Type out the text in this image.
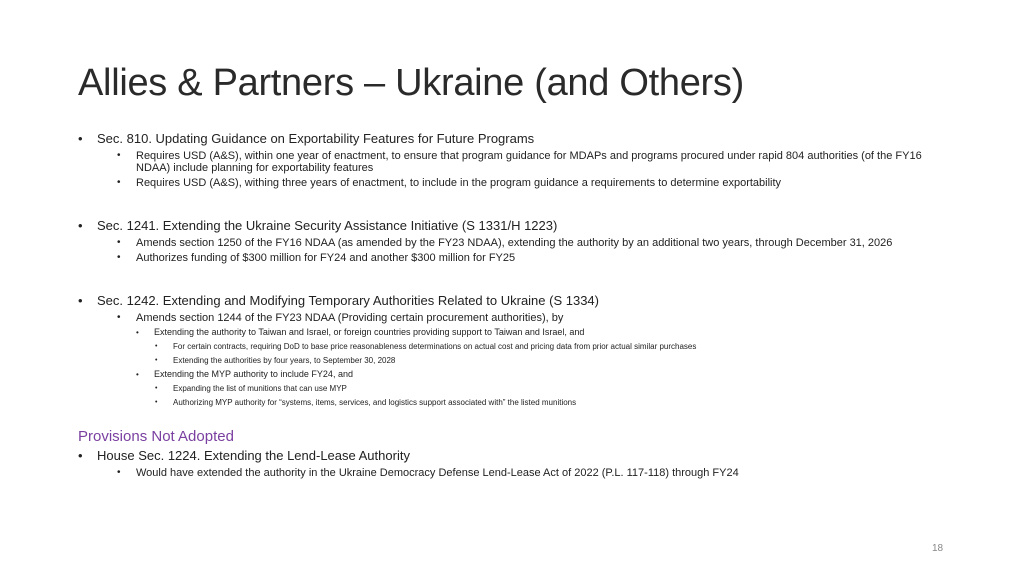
Allies & Partners – Ukraine (and Others)
• Sec. 810. Updating Guidance on Exportability Features for Future Programs
• Requires USD (A&S), within one year of enactment, to ensure that program guidance for MDAPs and programs procured under rapid 804 authorities (of the FY16 NDAA) include planning for exportability features
• Requires USD (A&S), withing three years of enactment, to include in the program guidance a requirements to determine exportability
• Sec. 1241. Extending the Ukraine Security Assistance Initiative (S 1331/H 1223)
• Amends section 1250 of the FY16 NDAA (as amended by the FY23 NDAA), extending the authority by an additional two years, through December 31, 2026
• Authorizes funding of $300 million for FY24 and another $300 million for FY25
• Sec. 1242. Extending and Modifying Temporary Authorities Related to Ukraine (S 1334)
• Amends section 1244 of the FY23 NDAA (Providing certain procurement authorities), by
• Extending the authority to Taiwan and Israel, or foreign countries providing support to Taiwan and Israel, and
• For certain contracts, requiring DoD to base price reasonableness determinations on actual cost and pricing data from prior actual similar purchases
• Extending the authorities by four years, to September 30, 2028
• Extending the MYP authority to include FY24, and
• Expanding the list of munitions that can use MYP
• Authorizing MYP authority for “systems, items, services, and logistics support associated with” the listed munitions
Provisions Not Adopted
• House Sec. 1224. Extending the Lend-Lease Authority
• Would have extended the authority in the Ukraine Democracy Defense Lend-Lease Act of 2022 (P.L. 117-118) through FY24
18
